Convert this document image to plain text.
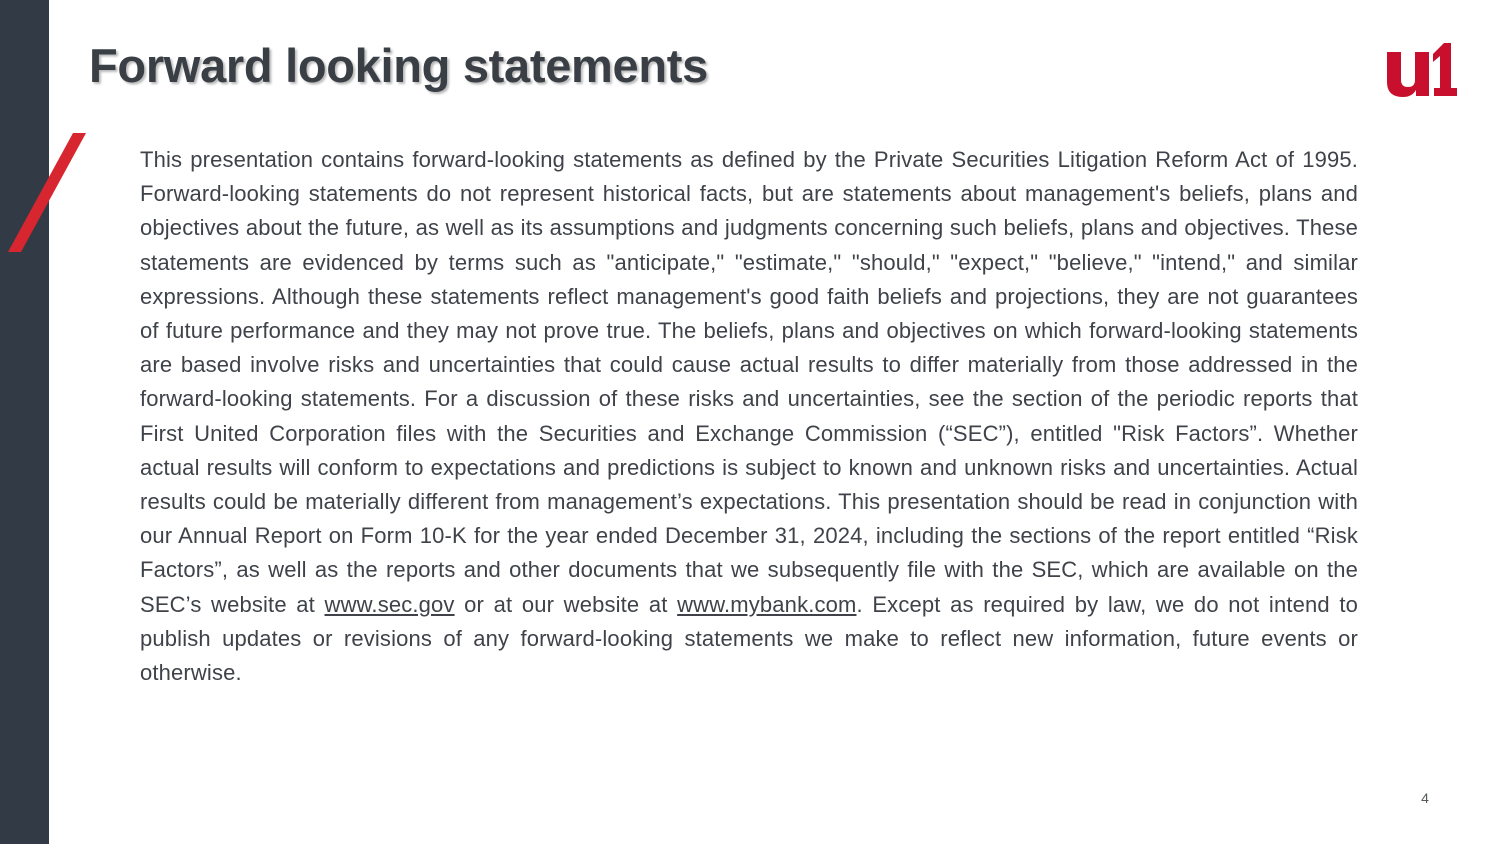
Forward looking statements

This presentation contains forward-looking statements as defined by the Private Securities Litigation Reform Act of 1995. Forward-looking statements do not represent historical facts, but are statements about management's beliefs, plans and objectives about the future, as well as its assumptions and judgments concerning such beliefs, plans and objectives. These statements are evidenced by terms such as "anticipate," "estimate," "should," "expect," "believe," "intend," and similar expressions. Although these statements reflect management's good faith beliefs and projections, they are not guarantees of future performance and they may not prove true. The beliefs, plans and objectives on which forward-looking statements are based involve risks and uncertainties that could cause actual results to differ materially from those addressed in the forward-looking statements. For a discussion of these risks and uncertainties, see the section of the periodic reports that First United Corporation files with the Securities and Exchange Commission (“SEC”), entitled "Risk Factors”. Whether actual results will conform to expectations and predictions is subject to known and unknown risks and uncertainties. Actual results could be materially different from management’s expectations. This presentation should be read in conjunction with our Annual Report on Form 10-K for the year ended December 31, 2024, including the sections of the report entitled “Risk Factors”, as well as the reports and other documents that we subsequently file with the SEC, which are available on the SEC’s website at www.sec.gov or at our website at www.mybank.com. Except as required by law, we do not intend to publish updates or revisions of any forward-looking statements we make to reflect new information, future events or otherwise.

4
